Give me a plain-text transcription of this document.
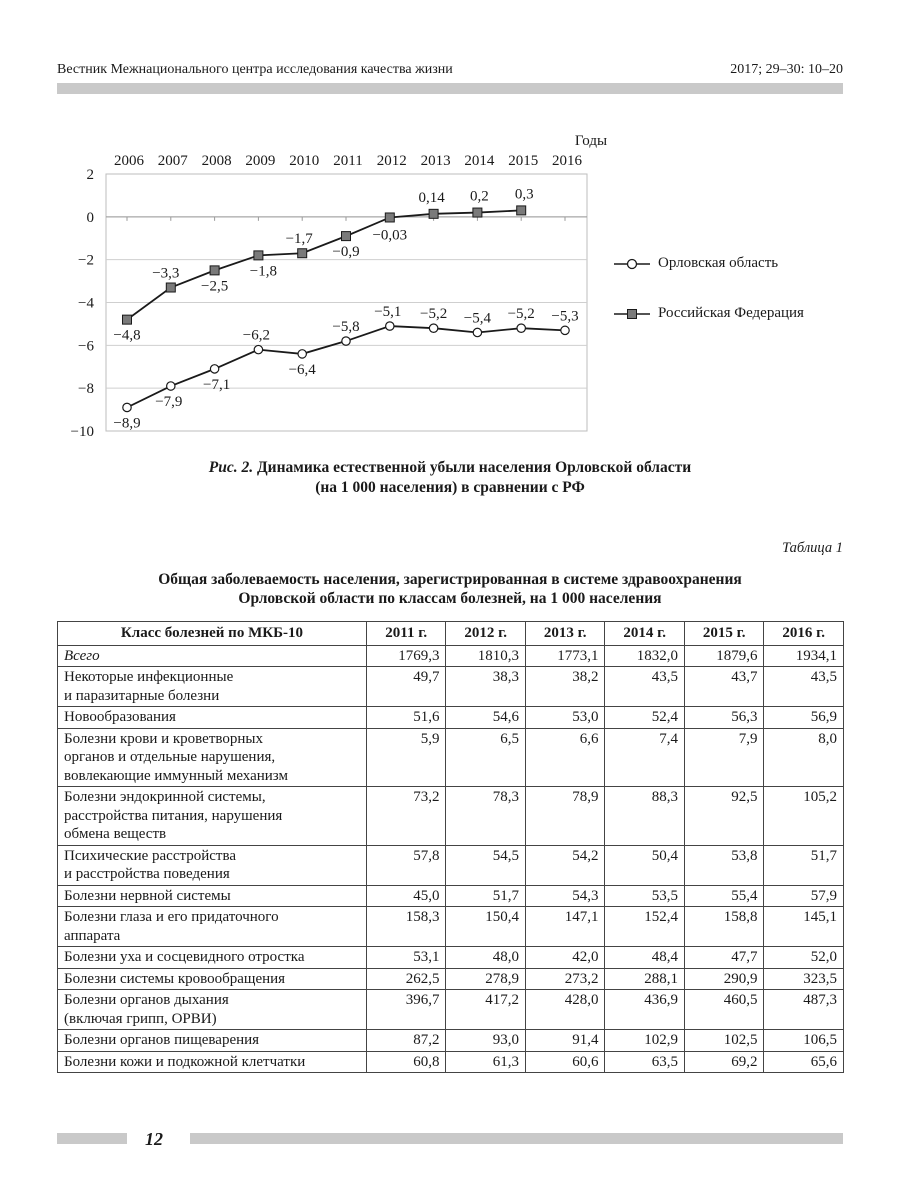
Вестник Межнационального центра исследования качества жизни	2017; 29–30: 10–20
2
0
−2
−4
−6
−8
−10
2006 2007 2008 2009 2010 2011 2012 2013 2014 2015 2016
Годы
−8,9
−7,9
−7,1
−6,2
−6,4
−5,8
−5,1 −5,2 −5,4 −5,2 −5,3
−4,8
−3,3
−2,5
−1,8
−1,7
−0,9
−0,03
0,14 0,2 0,3
Орловская область
Российская Федерация
Рис. 2. Динамика естественной убыли населения Орловской области
(на 1 000 населения) в сравнении с РФ
Таблица 1
Общая заболеваемость населения, зарегистрированная в системе здравоохранения
Орловской области по классам болезней, на 1 000 населения
Класс болезней по МКБ-10	2011 г.	2012 г.	2013 г.	2014 г.	2015 г.	2016 г.
Всего	1769,3	1810,3	1773,1	1832,0	1879,6	1934,1
Некоторые инфекционные
и паразитарные болезни	49,7	38,3	38,2	43,5	43,7	43,5
Новообразования	51,6	54,6	53,0	52,4	56,3	56,9
Болезни крови и кроветворных
органов и отдельные нарушения,
вовлекающие иммунный механизм	5,9	6,5	6,6	7,4	7,9	8,0
Болезни эндокринной системы,
расстройства питания, нарушения
обмена веществ	73,2	78,3	78,9	88,3	92,5	105,2
Психические расстройства
и расстройства поведения	57,8	54,5	54,2	50,4	53,8	51,7
Болезни нервной системы	45,0	51,7	54,3	53,5	55,4	57,9
Болезни глаза и его придаточного
аппарата	158,3	150,4	147,1	152,4	158,8	145,1
Болезни уха и сосцевидного отростка	53,1	48,0	42,0	48,4	47,7	52,0
Болезни системы кровообращения	262,5	278,9	273,2	288,1	290,9	323,5
Болезни органов дыхания
(включая грипп, ОРВИ)	396,7	417,2	428,0	436,9	460,5	487,3
Болезни органов пищеварения	87,2	93,0	91,4	102,9	102,5	106,5
Болезни кожи и подкожной клетчатки	60,8	61,3	60,6	63,5	69,2	65,6
12
